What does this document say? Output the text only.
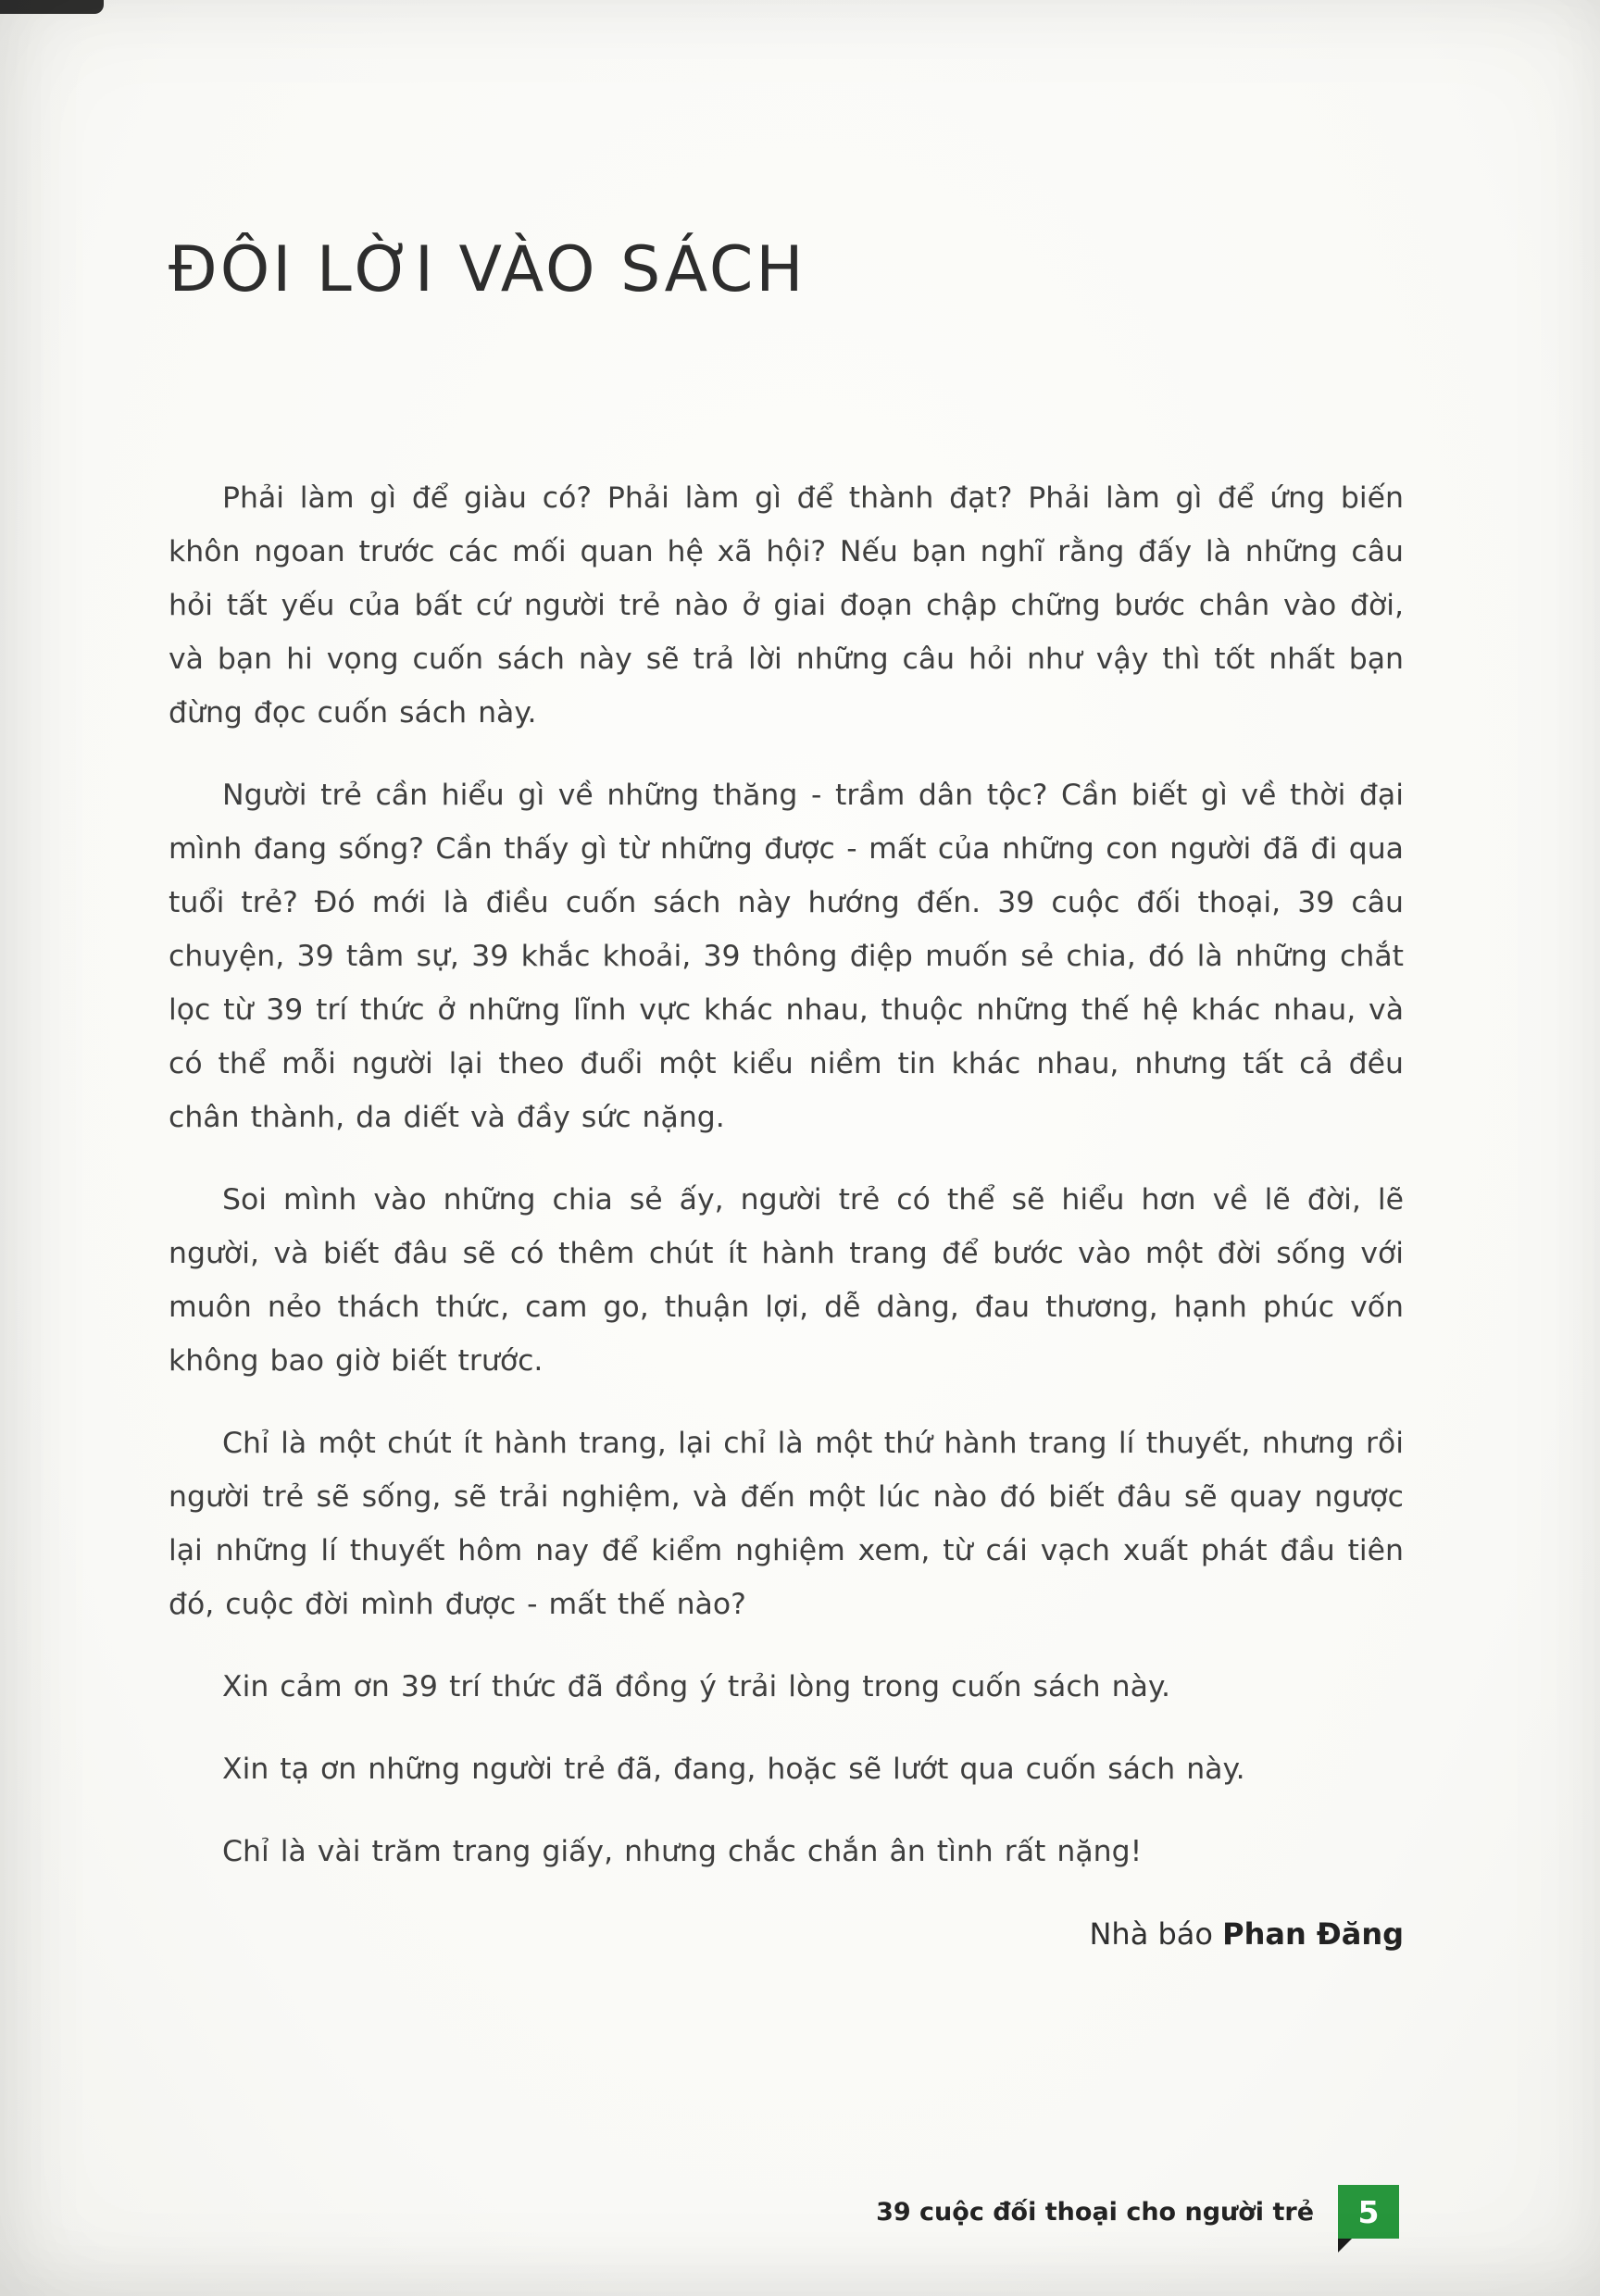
ĐÔI LỜI VÀO SÁCH

Phải làm gì để giàu có? Phải làm gì để thành đạt? Phải làm gì để ứng biến khôn ngoan trước các mối quan hệ xã hội? Nếu bạn nghĩ rằng đấy là những câu hỏi tất yếu của bất cứ người trẻ nào ở giai đoạn chập chững bước chân vào đời, và bạn hi vọng cuốn sách này sẽ trả lời những câu hỏi như vậy thì tốt nhất bạn đừng đọc cuốn sách này.

Người trẻ cần hiểu gì về những thăng - trầm dân tộc? Cần biết gì về thời đại mình đang sống? Cần thấy gì từ những được - mất của những con người đã đi qua tuổi trẻ? Đó mới là điều cuốn sách này hướng đến. 39 cuộc đối thoại, 39 câu chuyện, 39 tâm sự, 39 khắc khoải, 39 thông điệp muốn sẻ chia, đó là những chắt lọc từ 39 trí thức ở những lĩnh vực khác nhau, thuộc những thế hệ khác nhau, và có thể mỗi người lại theo đuổi một kiểu niềm tin khác nhau, nhưng tất cả đều chân thành, da diết và đầy sức nặng.

Soi mình vào những chia sẻ ấy, người trẻ có thể sẽ hiểu hơn về lẽ đời, lẽ người, và biết đâu sẽ có thêm chút ít hành trang để bước vào một đời sống với muôn nẻo thách thức, cam go, thuận lợi, dễ dàng, đau thương, hạnh phúc vốn không bao giờ biết trước.

Chỉ là một chút ít hành trang, lại chỉ là một thứ hành trang lí thuyết, nhưng rồi người trẻ sẽ sống, sẽ trải nghiệm, và đến một lúc nào đó biết đâu sẽ quay ngược lại những lí thuyết hôm nay để kiểm nghiệm xem, từ cái vạch xuất phát đầu tiên đó, cuộc đời mình được - mất thế nào?

Xin cảm ơn 39 trí thức đã đồng ý trải lòng trong cuốn sách này.

Xin tạ ơn những người trẻ đã, đang, hoặc sẽ lướt qua cuốn sách này.

Chỉ là vài trăm trang giấy, nhưng chắc chắn ân tình rất nặng!

Nhà báo Phan Đăng

39 cuộc đối thoại cho người trẻ 5
